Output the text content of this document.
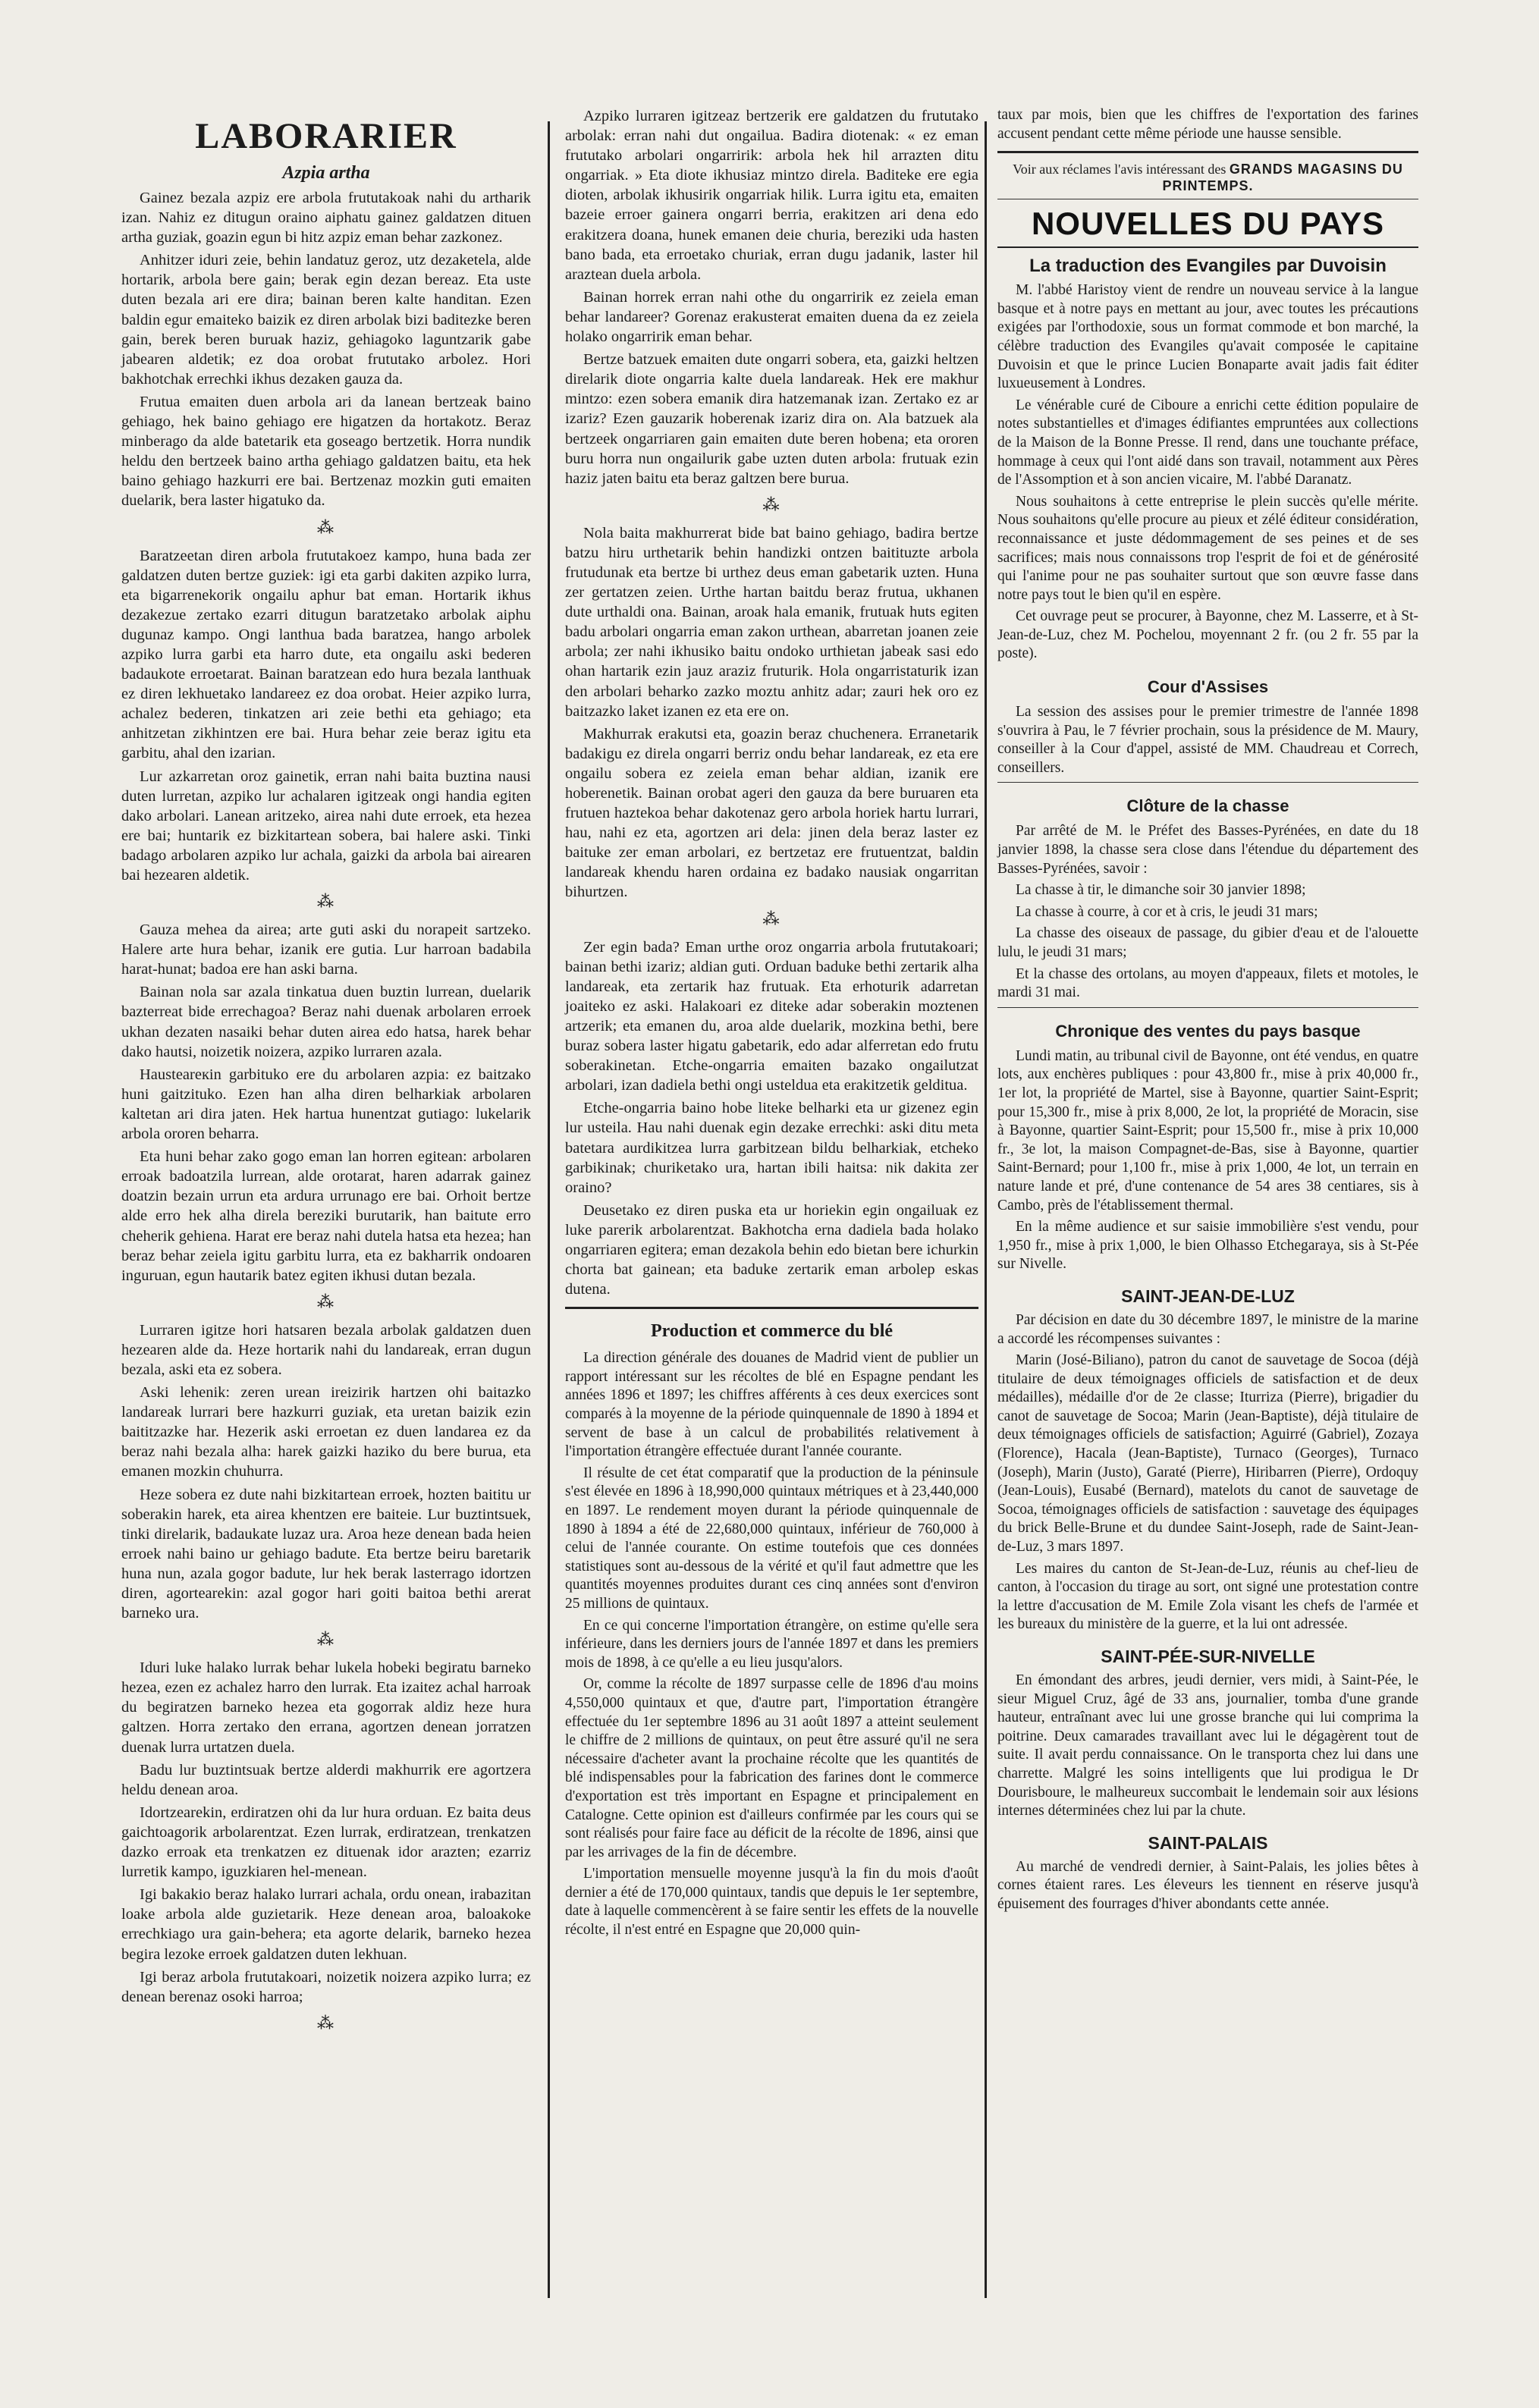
LABORARIER
Azpia artha

Gainez bezala azpiz ere arbola frututakoak nahi du artharik izan. Nahiz ez ditugun oraino aiphatu gainez galdatzen dituen artha guziak, goazin egun bi hitz azpiz eman behar zazkonez.

Anhitzer iduri zeie, behin landatuz geroz, utz dezaketela, alde hortarik, arbola bere gain; berak egin dezan bereaz. Eta uste duten bezala ari ere dira; bainan beren kalte handitan. Ezen baldin egur emaiteko baizik ez diren arbolak bizi baditezke beren gain, berek beren buruak haziz, gehiagoko laguntzarik gabe jabearen aldetik; ez doa orobat frututako arbolez. Hori bakhotchak errechki ikhus dezaken gauza da.

Frutua emaiten duen arbola ari da lanean bertzeak baino gehiago, hek baino gehiago ere higatzen da hortakotz. Beraz minberago da alde batetarik eta goseago bertzetik. Horra nundik heldu den bertzeek baino artha gehiago galdatzen baitu, eta hek baino gehiago hazkurri ere bai. Bertzenaz mozkin guti emaiten duelarik, bera laster higatuko da.

⁂

Baratzeetan diren arbola frututakoez kampo, huna bada zer galdatzen duten bertze guziek: igi eta garbi dakiten azpiko lurra, eta bigarrenekorik ongailu aphur bat eman. Hortarik ikhus dezakezue zertako ezarri ditugun baratzetako arbolak aiphu dugunaz kampo. Ongi lanthua bada baratzea, hango arbolek azpiko lurra garbi eta harro dute, eta ongailu aski bederen badaukote erroetarat. Bainan baratzean edo hura bezala lanthuak ez diren lekhuetako landareez ez doa orobat. Heier azpiko lurra, achalez bederen, tinkatzen ari zeie bethi eta gehiago; eta anhitzetan zikhintzen ere bai. Hura behar zeie beraz igitu eta garbitu, ahal den izarian.

Lur azkarretan oroz gainetik, erran nahi baita buztina nausi duten lurretan, azpiko lur achalaren igitzeak ongi handia egiten dako arbolari. Lanean aritzeko, airea nahi dute erroek, eta hezea ere bai; huntarik ez bizkitartean sobera, bai halere aski. Tinki badago arbolaren azpiko lur achala, gaizki da arbola bai airearen bai hezearen aldetik.

⁂

Gauza mehea da airea; arte guti aski du norapeit sartzeko. Halere arte hura behar, izanik ere gutia. Lur harroan badabila harat-hunat; badoa ere han aski barna.

Bainan nola sar azala tinkatua duen buztin lurrean, duelarik bazterreat bide errechagoa? Beraz nahi duenak arbolaren erroek ukhan dezaten nasaiki behar duten airea edo hatsa, harek behar dako hautsi, noizetik noizera, azpiko lurraren azala.

Hausteareкin garbituko ere du arbolaren azpia: ez baitzako huni gaitzituko. Ezen han alha diren belharkiak arbolaren kaltetan ari dira jaten. Hek hartua hunentzat gutiago: lukelarik arbola ororen beharra.

Eta huni behar zako gogo eman lan horren egitean: arbolaren erroak badoatzila lurrean, alde orotarat, haren adarrak gainez doatzin bezain urrun eta ardura urrunago ere bai. Orhoit bertze alde erro hek alha direla bereziki burutarik, han baitute erro cheherik gehiena. Harat ere beraz nahi dutela hatsa eta hezea; han beraz behar zeiela igitu garbitu lurra, eta ez bakharrik ondoaren inguruan, egun hautarik batez egiten ikhusi dutan bezala.

⁂

Lurraren igitze hori hatsaren bezala arbolak galdatzen duen hezearen alde da. Heze hortarik nahi du landareak, erran dugun bezala, aski eta ez sobera.

Aski lehenik: zeren urean ireizirik hartzen ohi baitazko landareak lurrari bere hazkurri guziak, eta uretan baizik ezin baititzazke har. Hezerik aski erroetan ez duen landarea ez da beraz nahi bezala alha: harek gaizki haziko du bere burua, eta emanen mozkin chuhurra.

Heze sobera ez dute nahi bizkitartean erroek, hozten baititu ur soberakin harek, eta airea khentzen ere baiteie. Lur buztintsuek, tinki direlarik, badaukate luzaz ura. Aroa heze denean bada heien erroek nahi baino ur gehiago badute. Eta bertze beiru baretarik huna nun, azala gogor badute, lur hek berak lasterrago idortzen diren, agortearekin: azal gogor hari goiti baitoa bethi arerat barneko ura.

⁂

Iduri luke halako lurrak behar lukela hobeki begiratu barneko hezea, ezen ez achalez harro den lurrak. Eta izaitez achal harroak du begiratzen barneko hezea eta gogorrak aldiz heze hura galtzen. Horra zertako den errana, agortzen denean jorratzen duenak lurra urtatzen duela.

Badu lur buztintsuak bertze alderdi makhurrik ere agortzera heldu denean aroa.

Idortzearekin, erdiratzen ohi da lur hura orduan. Ez baita deus gaichtoagorik arbolarentzat. Ezen lurrak, erdiratzean, trenkatzen dazko erroak eta trenkatzen ez dituenak idor arazten; ezarriz lurretik kampo, iguzkiaren hel-menean.

Igi bakakio beraz halako lurrari achala, ordu onean, irabazitan loake arbola alde guzietarik. Heze denean aroa, baloakoke errechkiago ura gain-behera; eta agorte delarik, barneko hezea begira lezoke erroek galdatzen duten lekhuan.

Igi beraz arbola frututakoari, noizetik noizera azpiko lurra; ez denean berenaz osoki harroa;

⁂

Azpiko lurraren igitzeaz bertzerik ere galdatzen du frututako arbolak: erran nahi dut ongailua. Badira diotenak: « ez eman frututako arbolari ongarririk: arbola hek hil arrazten ditu ongarriak. » Eta diote ikhusiaz mintzo direla. Baditeke ere egia dioten, arbolak ikhusirik ongarriak hilik. Lurra igitu eta, emaiten bazeie erroer gainera ongarri berria, erakitzen ari dena edo erakitzera doana, hunek emanen deie churia, bereziki uda hasten bano bada, eta erroetako churiak, erran dugu jadanik, laster hil araztean duela arbola.

Bainan horrek erran nahi othe du ongarririk ez zeiela eman behar landareer? Gorenaz erakusterat emaiten duena da ez zeiela holako ongarririk eman behar.

Bertze batzuek emaiten dute ongarri sobera, eta, gaizki heltzen direlarik diote ongarria kalte duela landareak. Hek ere makhur mintzo: ezen sobera emanik dira hatzemanak izan. Zertako ez ar izariz? Ezen gauzarik hoberenak izariz dira on. Ala batzuek ala bertzeek ongarriaren gain emaiten dute beren hobena; eta ororen buru horra nun ongailurik gabe uzten duten arbola: frutuak ezin haziz jaten baitu eta beraz galtzen bere burua.

⁂

Nola baita makhurrerat bide bat baino gehiago, badira bertze batzu hiru urthetarik behin handizki ontzen baitituzte arbola frutudunak eta bertze bi urthez deus eman gabetarik uzten. Huna zer gertatzen zeien. Urthe hartan baitdu beraz frutua, ukhanen dute urthaldi ona. Bainan, aroak hala emanik, frutuak huts egiten badu arbolari ongarria eman zakon urthean, abarretan joanen zeie arbola; zer nahi ikhusiko baitu ondoko urthietan jabeak sasi edo ohan hartarik ezin jauz araziz fruturik. Hola ongarristaturik izan den arbolari beharko zazko moztu anhitz adar; zauri hek oro ez baitzazko laket izanen ez eta ere on.

Makhurrak erakutsi eta, goazin beraz chuchenera. Erranetarik badakigu ez direla ongarri berriz ondu behar landareak, ez eta ere ongailu sobera ez zeiela eman behar aldian, izanik ere hoberenetik. Bainan orobat ageri den gauza da bere buruaren eta frutuen haztekoa behar dakotenaz gero arbola horiek hartu lurrari, hau, nahi ez eta, agortzen ari dela: jinen dela beraz laster ez baituke zer eman arbolari, ez bertzetaz ere frutuentzat, baldin landareak khendu haren ordaina ez badako nausiak ongarritan bihurtzen.

⁂

Zer egin bada? Eman urthe oroz ongarria arbola frututakoari; bainan bethi izariz; aldian guti. Orduan baduke bethi zertarik alha landareak, eta zertarik haz frutuak. Eta erhoturik adarretan joaiteko ez aski. Halakoari ez diteke adar soberakin moztenen artzerik; eta emanen du, aroa alde duelarik, mozkina bethi, bere buraz sobera laster higatu gabetarik, edo adar alferretan edo frutu soberakinetan. Etche-ongarria emaiten bazako ongailutzat arbolari, izan dadiela bethi ongi usteldua eta erakitzetik geldituа.

Etche-ongarria baino hobe liteke belharki eta ur gizenez egin lur usteila. Hau nahi duenak egin dezake errechki: aski ditu meta batetara aurdikitzea lurra garbitzean bildu belharkiak, etcheko garbikinak; churiketako ura, hartan ibili haitsa: nik dakita zer oraino?

Deusetako ez diren puska eta ur horiekin egin ongailuak ez luke parerik arbolarentzat. Bakhotcha ernа dadiela bada holako ongarriaren egitera; eman dezakola behin edo bietan bere ichurkin chorta bat gainean; eta baduke zertarik eman arbolер eskas dutena.

Production et commerce du blé

La direction générale des douanes de Madrid vient de publier un rapport intéressant sur les récoltes de blé en Espagne pendant les années 1896 et 1897; les chiffres afférents à ces deux exercices sont comparés à la moyenne de la période quinquennale de 1890 à 1894 et servent de base à un calcul de probabilités relativement à l'importation étrangère effectuée durant l'année courante.

Il résulte de cet état comparatif que la production de la péninsule s'est élevée en 1896 à 18,990,000 quintaux métriques et à 23,440,000 en 1897. Le rendement moyen durant la période quinquennale de 1890 à 1894 a été de 22,680,000 quintaux, inférieur de 760,000 à celui de l'année courante. On estime toutefois que ces données statistiques sont au-dessous de la vérité et qu'il faut admettre que les quantités moyennes produites durant ces cinq années sont d'environ 25 millions de quintaux.

En ce qui concerne l'importation étrangère, on estime qu'elle sera inférieure, dans les derniers jours de l'année 1897 et dans les premiers mois de 1898, à ce qu'elle a eu lieu jusqu'alors.

Or, comme la récolte de 1897 surpasse celle de 1896 d'au moins 4,550,000 quintaux et que, d'autre part, l'importation étrangère effectuée du 1er septembre 1896 au 31 août 1897 a atteint seulement le chiffre de 2 millions de quintaux, on peut être assuré qu'il ne sera nécessaire d'acheter avant la prochaine récolte que les quantités de blé indispensables pour la fabrication des farines dont le commerce d'exportation est très important en Espagne et principalement en Catalogne. Cette opinion est d'ailleurs confirmée par les cours qui se sont réalisés pour faire face au déficit de la récolte de 1896, ainsi que par les arrivages de la fin de décembre.

L'importation mensuelle moyenne jusqu'à la fin du mois d'août dernier a été de 170,000 quintaux, tandis que depuis le 1er septembre, date à laquelle commencèrent à se faire sentir les effets de la nouvelle récolte, il n'est entré en Espagne que 20,000 quin-

taux par mois, bien que les chiffres de l'exportation des farines accusent pendant cette même période une hausse sensible.

Voir aux réclames l'avis intéressant des GRANDS MAGASINS DU PRINTEMPS.
NOUVELLES DU PAYS
La traduction des Evangiles par Duvoisin

M. l'abbé Haristoy vient de rendre un nouveau service à la langue basque et à notre pays en mettant au jour, avec toutes les précautions exigées par l'orthodoxie, sous un format commode et bon marché, la célèbre traduction des Evangiles qu'avait composée le capitaine Duvoisin et que le prince Lucien Bonaparte avait jadis fait éditer luxueusement à Londres.

Le vénérable curé de Ciboure a enrichi cette édition populaire de notes substantielles et d'images édifiantes empruntées aux collections de la Maison de la Bonne Presse. Il rend, dans une touchante préface, hommage à ceux qui l'ont aidé dans son travail, notamment aux Pères de l'Assomption et à son ancien vicaire, M. l'abbé Daranatz.

Nous souhaitons à cette entreprise le plein succès qu'elle mérite. Nous souhaitons qu'elle procure au pieux et zélé éditeur considération, reconnaissance et juste dédommagement de ses peines et de ses sacrifices; mais nous connaissons trop l'esprit de foi et de générosité qui l'anime pour ne pas souhaiter surtout que son œuvre fasse dans notre pays tout le bien qu'il en espère.

Cet ouvrage peut se procurer, à Bayonne, chez M. Lasserre, et à St-Jean-de-Luz, chez M. Pochelou, moyennant 2 fr. (ou 2 fr. 55 par la poste).

Cour d'Assises

La session des assises pour le premier trimestre de l'année 1898 s'ouvrira à Pau, le 7 février prochain, sous la présidence de M. Maury, conseiller à la Cour d'appel, assisté de MM. Chaudreau et Correch, conseillers.

Clôture de la chasse

Par arrêté de M. le Préfet des Basses-Pyrénées, en date du 18 janvier 1898, la chasse sera close dans l'étendue du département des Basses-Pyrénées, savoir :

La chasse à tir, le dimanche soir 30 janvier 1898;

La chasse à courre, à cor et à cris, le jeudi 31 mars;

La chasse des oiseaux de passage, du gibier d'eau et de l'alouette lulu, le jeudi 31 mars;

Et la chasse des ortolans, au moyen d'appeaux, filets et motoles, le mardi 31 mai.

Chronique des ventes du pays basque

Lundi matin, au tribunal civil de Bayonne, ont été vendus, en quatre lots, aux enchères publiques : pour 43,800 fr., mise à prix 40,000 fr., 1er lot, la propriété de Martel, sise à Bayonne, quartier Saint-Esprit; pour 15,300 fr., mise à prix 8,000, 2e lot, la propriété de Moracin, sise à Bayonne, quartier Saint-Esprit; pour 15,500 fr., mise à prix 10,000 fr., 3e lot, la maison Compagnet-de-Bas, sise à Bayonne, quartier Saint-Bernard; pour 1,100 fr., mise à prix 1,000, 4e lot, un terrain en nature lande et pré, d'une contenance de 54 ares 38 centiares, sis à Cambo, près de l'établissement thermal.

En la même audience et sur saisie immobilière s'est vendu, pour 1,950 fr., mise à prix 1,000, le bien Olhasso Etchegaraya, sis à St-Pée sur Nivelle.

SAINT-JEAN-DE-LUZ

Par décision en date du 30 décembre 1897, le ministre de la marine a accordé les récompenses suivantes :

Marin (José-Biliano), patron du canot de sauvetage de Socoa (déjà titulaire de deux témoignages officiels de satisfaction et de deux médailles), médaille d'or de 2e classe; Iturriza (Pierre), brigadier du canot de sauvetage de Socoa; Marin (Jean-Baptiste), déjà titulaire de deux témoignages officiels de satisfaction; Aguirré (Gabriel), Zozaya (Florence), Hacala (Jean-Baptiste), Turnaco (Georges), Turnaco (Joseph), Marin (Justo), Garaté (Pierre), Hiribarren (Pierre), Ordoquy (Jean-Louis), Eusabé (Bernard), matelots du canot de sauvetage de Socoa, témoignages officiels de satisfaction : sauvetage des équipages du brick Belle-Brune et du dundee Saint-Joseph, rade de Saint-Jean-de-Luz, 3 mars 1897.

Les maires du canton de St-Jean-de-Luz, réunis au chef-lieu de canton, à l'occasion du tirage au sort, ont signé une protestation contre la lettre d'accusation de M. Emile Zola visant les chefs de l'armée et les bureaux du ministère de la guerre, et la lui ont adressée.

SAINT-PÉE-SUR-NIVELLE

En émondant des arbres, jeudi dernier, vers midi, à Saint-Pée, le sieur Miguel Cruz, âgé de 33 ans, journalier, tomba d'une grande hauteur, entraînant avec lui une grosse branche qui lui comprima la poitrine. Deux camarades travaillant avec lui le dégagèrent tout de suite. Il avait perdu connaissance. On le transporta chez lui dans une charrette. Malgré les soins intelligents que lui prodigua le Dr Dourisboure, le malheureux succombait le lendemain soir aux lésions internes déterminées chez lui par la chute.

SAINT-PALAIS

Au marché de vendredi dernier, à Saint-Palais, les jolies bêtes à cornes étaient rares. Les éleveurs les tiennent en réserve jusqu'à épuisement des fourrages d'hiver abondants cette année.
